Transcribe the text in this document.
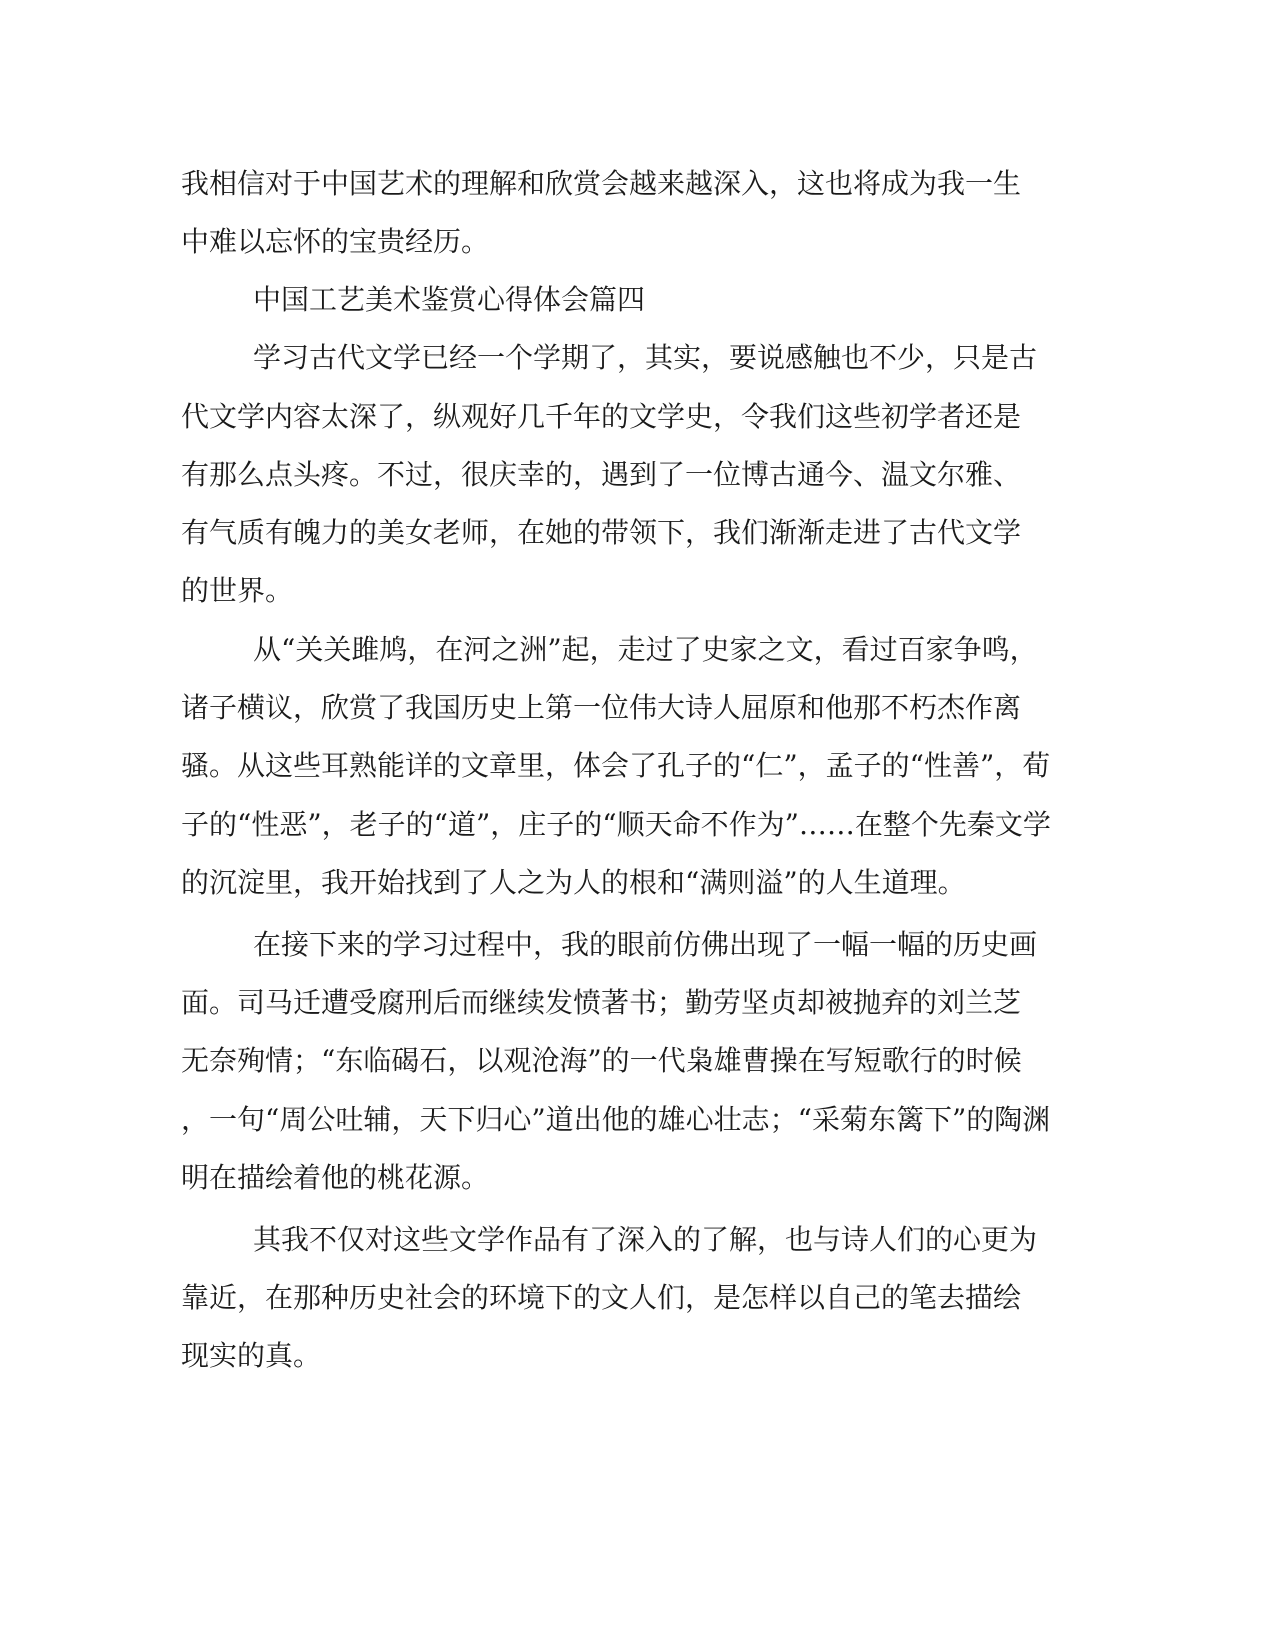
我相信对于中国艺术的理解和欣赏会越来越深入，这也将成为我一生

中难以忘怀的宝贵经历。

中国工艺美术鉴赏心得体会篇四

学习古代文学已经一个学期了，其实，要说感触也不少，只是古

代文学内容太深了，纵观好几千年的文学史，令我们这些初学者还是

有那么点头疼。不过，很庆幸的，遇到了一位博古通今、温文尔雅、

有气质有魄力的美女老师，在她的带领下，我们渐渐走进了古代文学

的世界。

从“关关雎鸠，在河之洲”起，走过了史家之文，看过百家争鸣，

诸子横议，欣赏了我国历史上第一位伟大诗人屈原和他那不朽杰作离

骚。从这些耳熟能详的文章里，体会了孔子的“仁”，孟子的“性善”，荀

子的“性恶”，老子的“道”，庄子的“顺天命不作为”……在整个先秦文学

的沉淀里，我开始找到了人之为人的根和“满则溢”的人生道理。

在接下来的学习过程中，我的眼前仿佛出现了一幅一幅的历史画

面。司马迁遭受腐刑后而继续发愤著书；勤劳坚贞却被抛弃的刘兰芝

无奈殉情；“东临碣石，以观沧海”的一代枭雄曹操在写短歌行的时候

，一句“周公吐辅，天下归心”道出他的雄心壮志；“采菊东篱下”的陶渊

明在描绘着他的桃花源。

其我不仅对这些文学作品有了深入的了解，也与诗人们的心更为

靠近，在那种历史社会的环境下的文人们，是怎样以自己的笔去描绘

现实的真。
